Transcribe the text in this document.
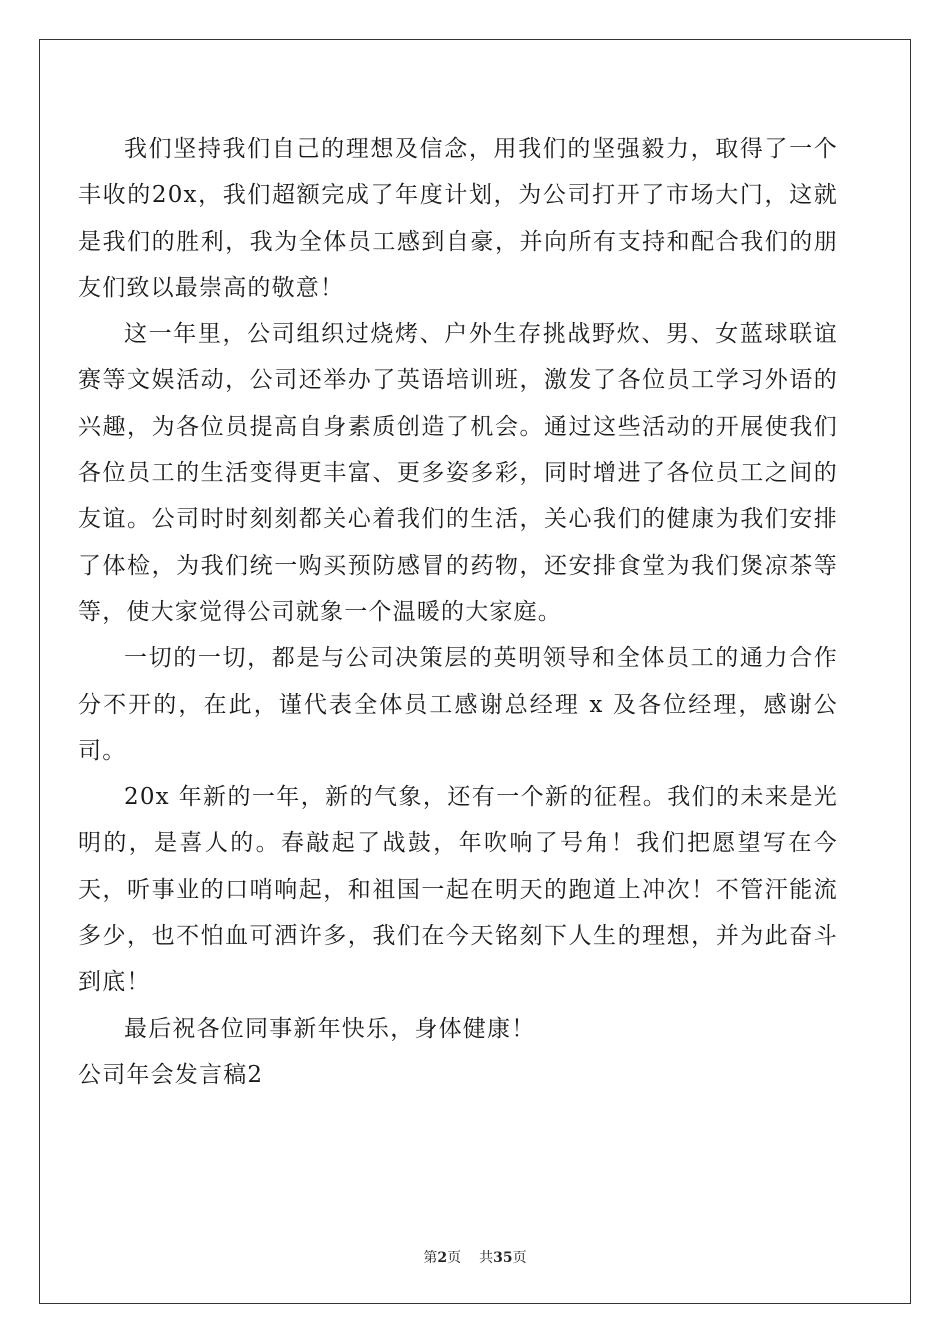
我们坚持我们自己的理想及信念，用我们的坚强毅力，取得了一个丰收的20x，我们超额完成了年度计划，为公司打开了市场大门，这就是我们的胜利，我为全体员工感到自豪，并向所有支持和配合我们的朋友们致以最崇高的敬意！

这一年里，公司组织过烧烤、户外生存挑战野炊、男、女蓝球联谊赛等文娱活动，公司还举办了英语培训班，激发了各位员工学习外语的兴趣，为各位员提高自身素质创造了机会。通过这些活动的开展使我们各位员工的生活变得更丰富、更多姿多彩，同时增进了各位员工之间的友谊。公司时时刻刻都关心着我们的生活，关心我们的健康为我们安排了体检，为我们统一购买预防感冒的药物，还安排食堂为我们煲凉茶等等，使大家觉得公司就象一个温暖的大家庭。

一切的一切，都是与公司决策层的英明领导和全体员工的通力合作分不开的，在此，谨代表全体员工感谢总经理 x 及各位经理，感谢公司。

20x 年新的一年，新的气象，还有一个新的征程。我们的未来是光明的，是喜人的。春敲起了战鼓，年吹响了号角！我们把愿望写在今天，听事业的口哨响起，和祖国一起在明天的跑道上冲次！不管汗能流多少，也不怕血可洒许多，我们在今天铭刻下人生的理想，并为此奋斗到底！

最后祝各位同事新年快乐，身体健康！

公司年会发言稿2

第2页 共35页
